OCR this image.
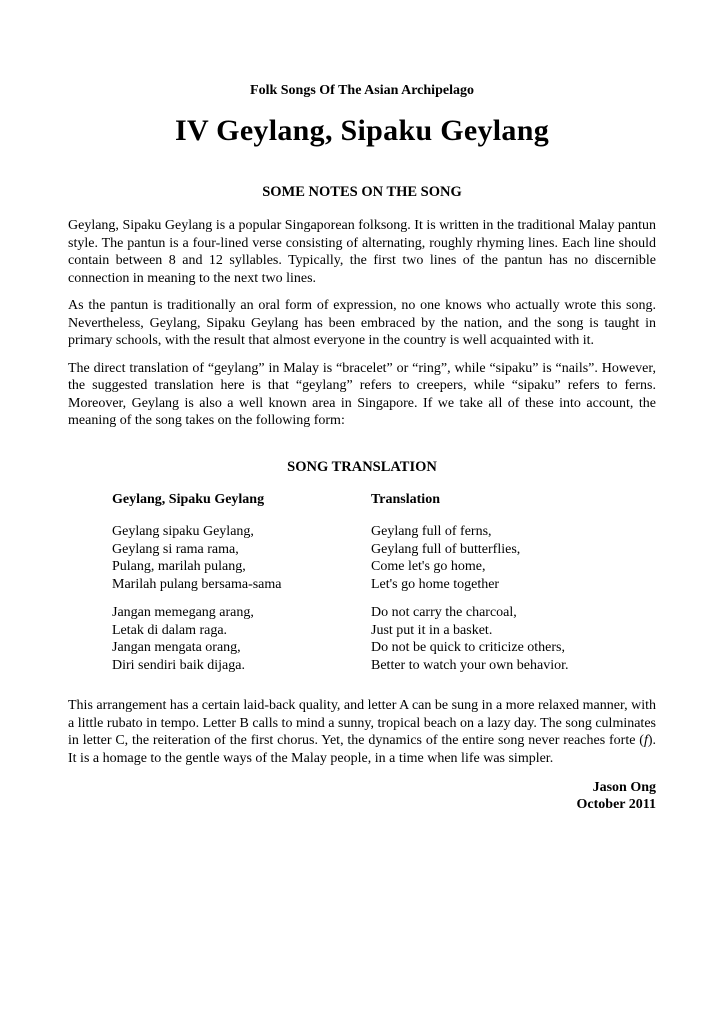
Folk Songs Of The Asian Archipelago
IV Geylang, Sipaku Geylang
SOME NOTES ON THE SONG

Geylang, Sipaku Geylang is a popular Singaporean folksong. It is written in the traditional Malay pantun style. The pantun is a four-lined verse consisting of alternating, roughly rhyming lines. Each line should contain between 8 and 12 syllables. Typically, the first two lines of the pantun has no discernible connection in meaning to the next two lines.

As the pantun is traditionally an oral form of expression, no one knows who actually wrote this song. Nevertheless, Geylang, Sipaku Geylang has been embraced by the nation, and the song is taught in primary schools, with the result that almost everyone in the country is well acquainted with it.

The direct translation of “geylang” in Malay is “bracelet” or “ring”, while “sipaku” is “nails”. However, the suggested translation here is that “geylang” refers to creepers, while “sipaku” refers to ferns. Moreover, Geylang is also a well known area in Singapore. If we take all of these into account, the meaning of the song takes on the following form:

SONG TRANSLATION
Geylang, Sipaku Geylang	Translation
Geylang sipaku Geylang,
Geylang si rama rama,
Pulang, marilah pulang,
Marilah pulang bersama-sama
Geylang full of ferns,
Geylang full of butterflies,
Come let's go home,
Let's go home together
Jangan memegang arang,
Letak di dalam raga.
Jangan mengata orang,
Diri sendiri baik dijaga.
Do not carry the charcoal,
Just put it in a basket.
Do not be quick to criticize others,
Better to watch your own behavior.

This arrangement has a certain laid-back quality, and letter A can be sung in a more relaxed manner, with a little rubato in tempo. Letter B calls to mind a sunny, tropical beach on a lazy day. The song culminates in letter C, the reiteration of the first chorus. Yet, the dynamics of the entire song never reaches forte (f). It is a homage to the gentle ways of the Malay people, in a time when life was simpler.

Jason Ong
October 2011
